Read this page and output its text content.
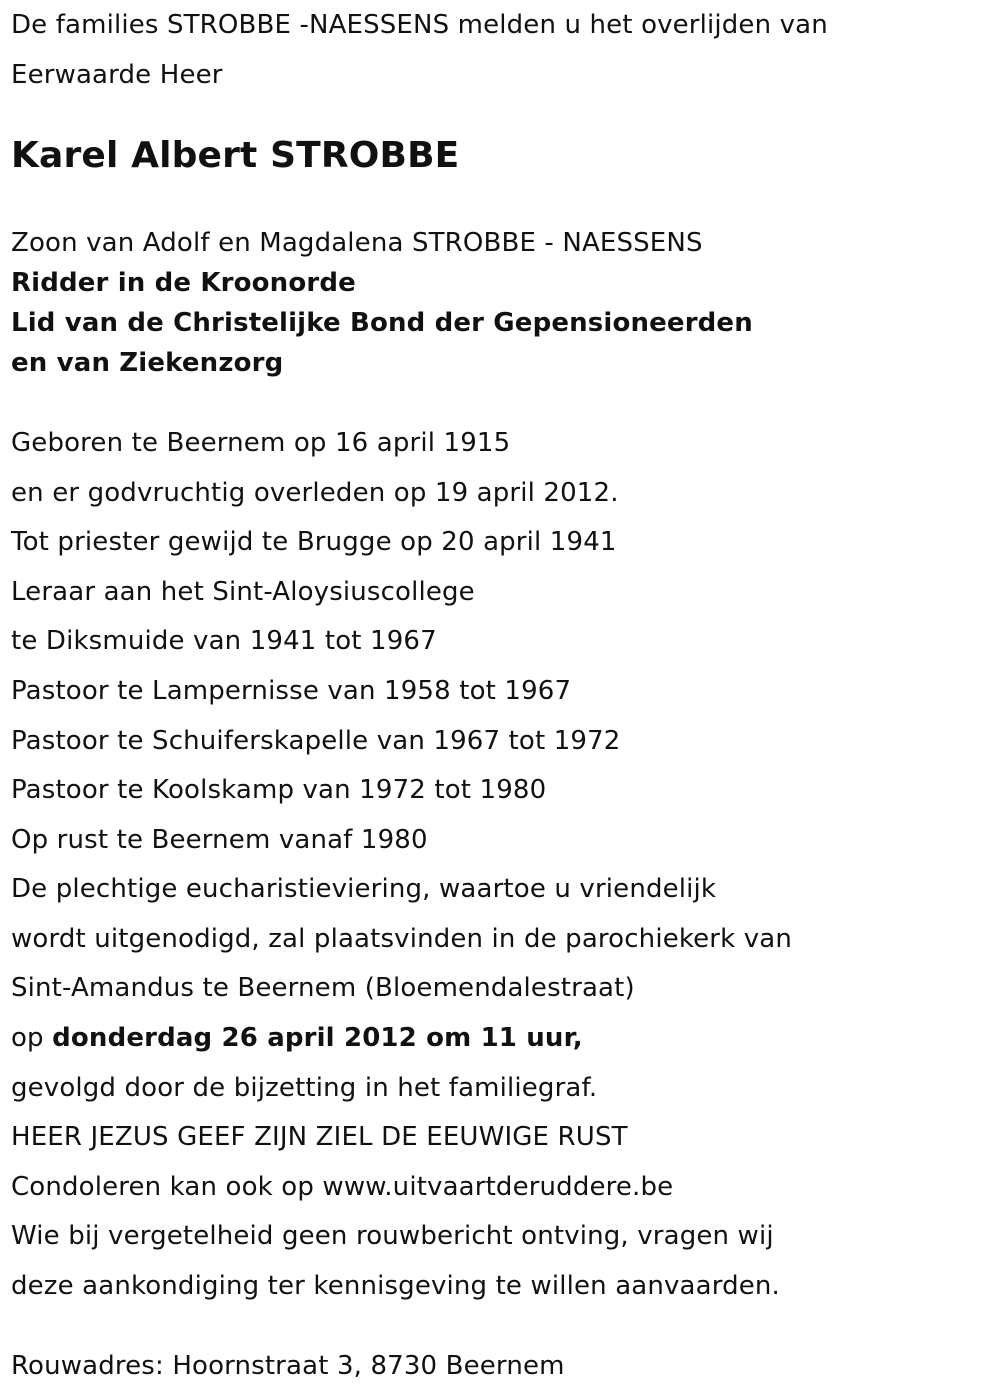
De families STROBBE -NAESSENS melden u het overlijden van
Eerwaarde Heer
Karel Albert STROBBE
Zoon van Adolf en Magdalena STROBBE - NAESSENS
Ridder in de Kroonorde
Lid van de Christelijke Bond der Gepensioneerden
en van Ziekenzorg
Geboren te Beernem op 16 april 1915
en er godvruchtig overleden op 19 april 2012.
Tot priester gewijd te Brugge op 20 april 1941
Leraar aan het Sint-Aloysiuscollege
te Diksmuide van 1941 tot 1967
Pastoor te Lampernisse van 1958 tot 1967
Pastoor te Schuiferskapelle van 1967 tot 1972
Pastoor te Koolskamp van 1972 tot 1980
Op rust te Beernem vanaf 1980
De plechtige eucharistieviering, waartoe u vriendelijk
wordt uitgenodigd, zal plaatsvinden in de parochiekerk van
Sint-Amandus te Beernem (Bloemendalestraat)
op donderdag 26 april 2012 om 11 uur,
gevolgd door de bijzetting in het familiegraf.
HEER JEZUS GEEF ZIJN ZIEL DE EEUWIGE RUST
Condoleren kan ook op www.uitvaartderuddere.be
Wie bij vergetelheid geen rouwbericht ontving, vragen wij
deze aankondiging ter kennisgeving te willen aanvaarden.
Rouwadres: Hoornstraat 3, 8730 Beernem
